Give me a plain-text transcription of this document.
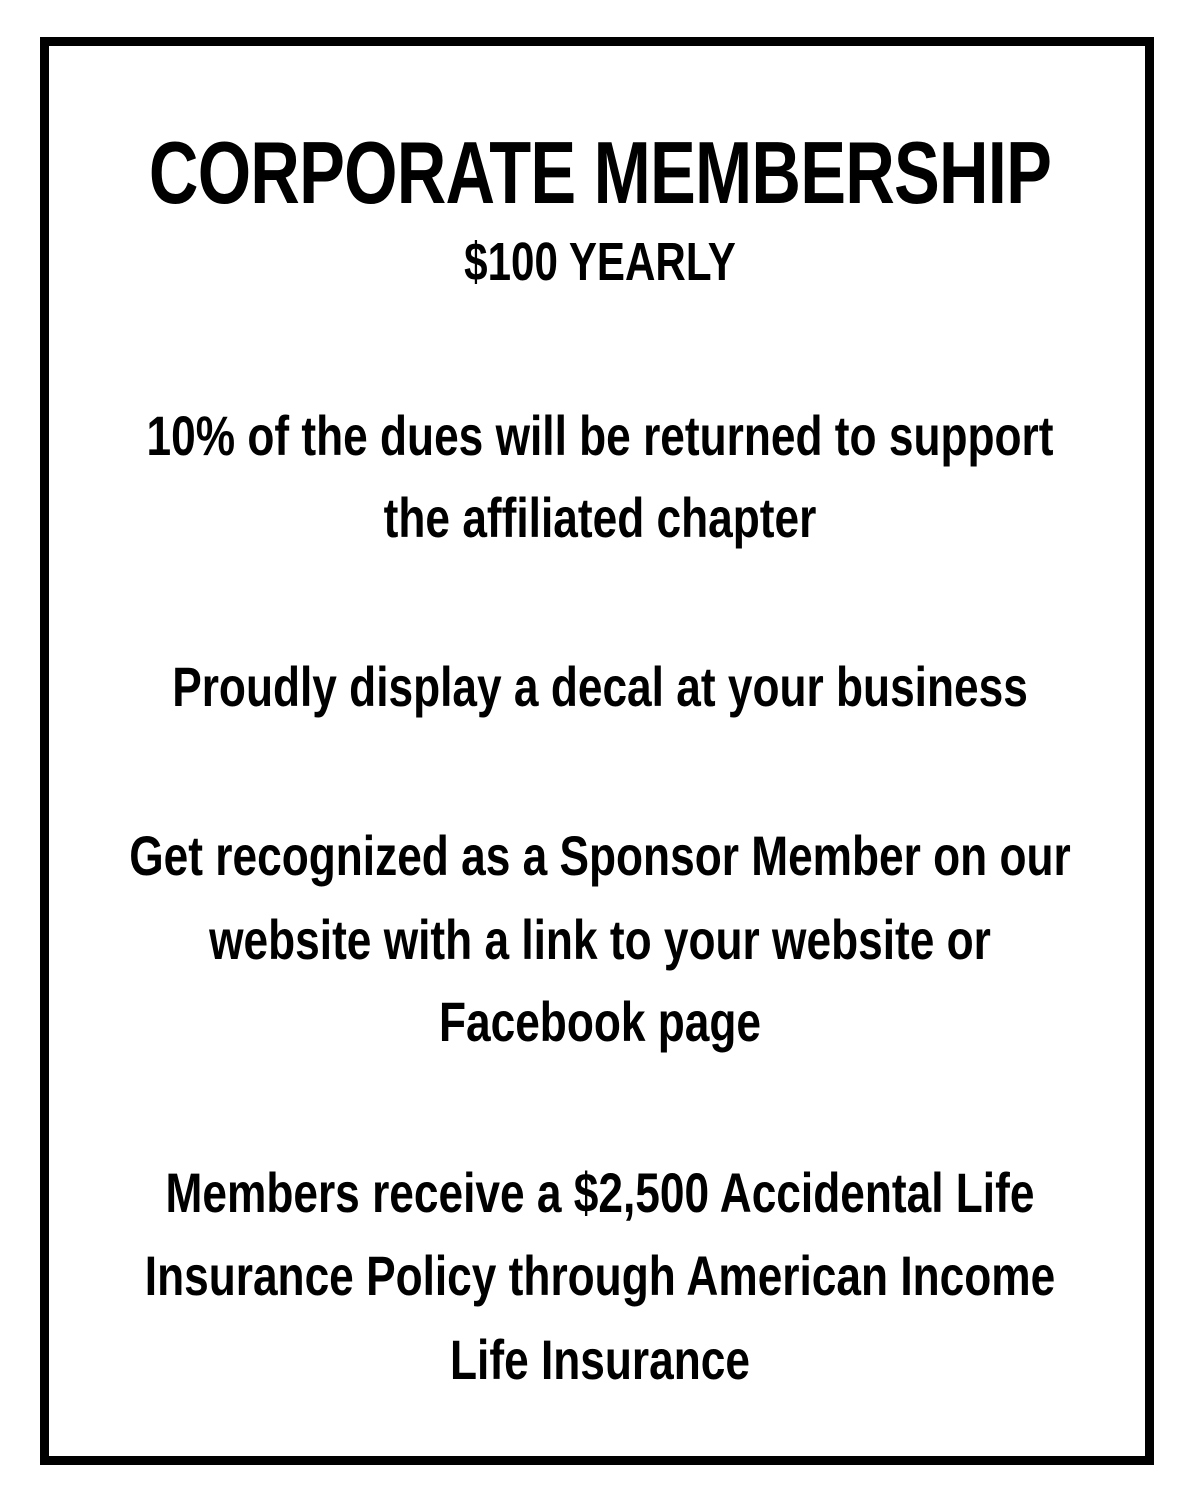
CORPORATE MEMBERSHIP
$100 YEARLY
10% of the dues will be returned to support
the affiliated chapter
Proudly display a decal at your business
Get recognized as a Sponsor Member on our
website with a link to your website or
Facebook page
Members receive a $2,500 Accidental Life
Insurance Policy through American Income
Life Insurance
